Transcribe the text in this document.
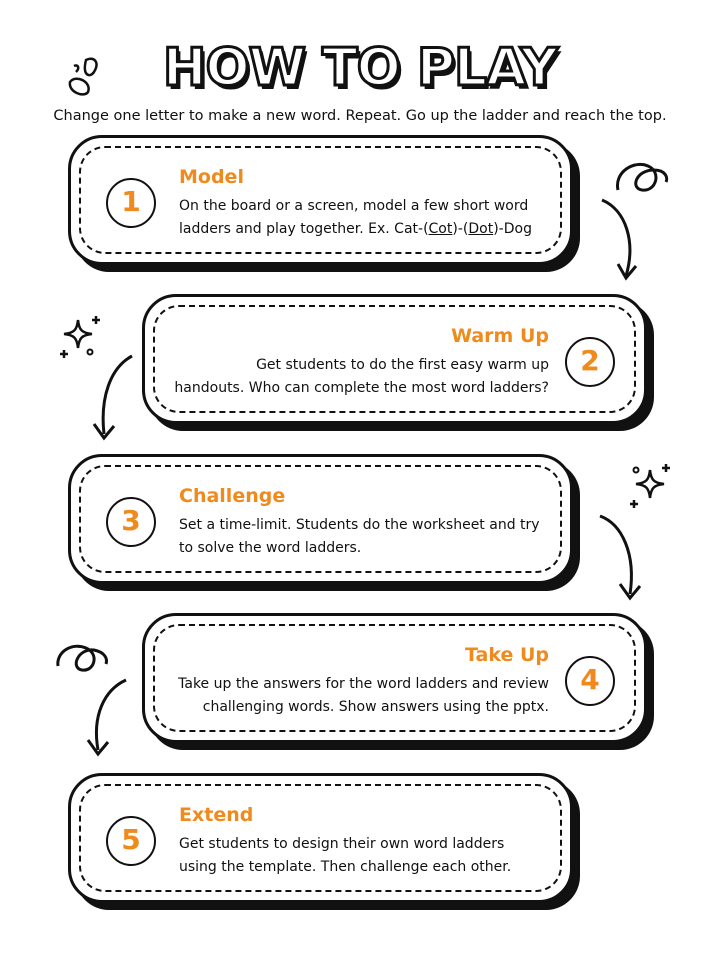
HOW TO PLAY
Change one letter to make a new word. Repeat. Go up the ladder and reach the top.
1
Model
On the board or a screen, model a few short word
ladders and play together. Ex. Cat-(Cot)-(Dot)-Dog
2
Warm Up
Get students to do the first easy warm up
handouts. Who can complete the most word ladders?
3
Challenge
Set a time-limit. Students do the worksheet and try
to solve the word ladders.
4
Take Up
Take up the answers for the word ladders and review
challenging words. Show answers using the pptx.
5
Extend
Get students to design their own word ladders
using the template. Then challenge each other.
